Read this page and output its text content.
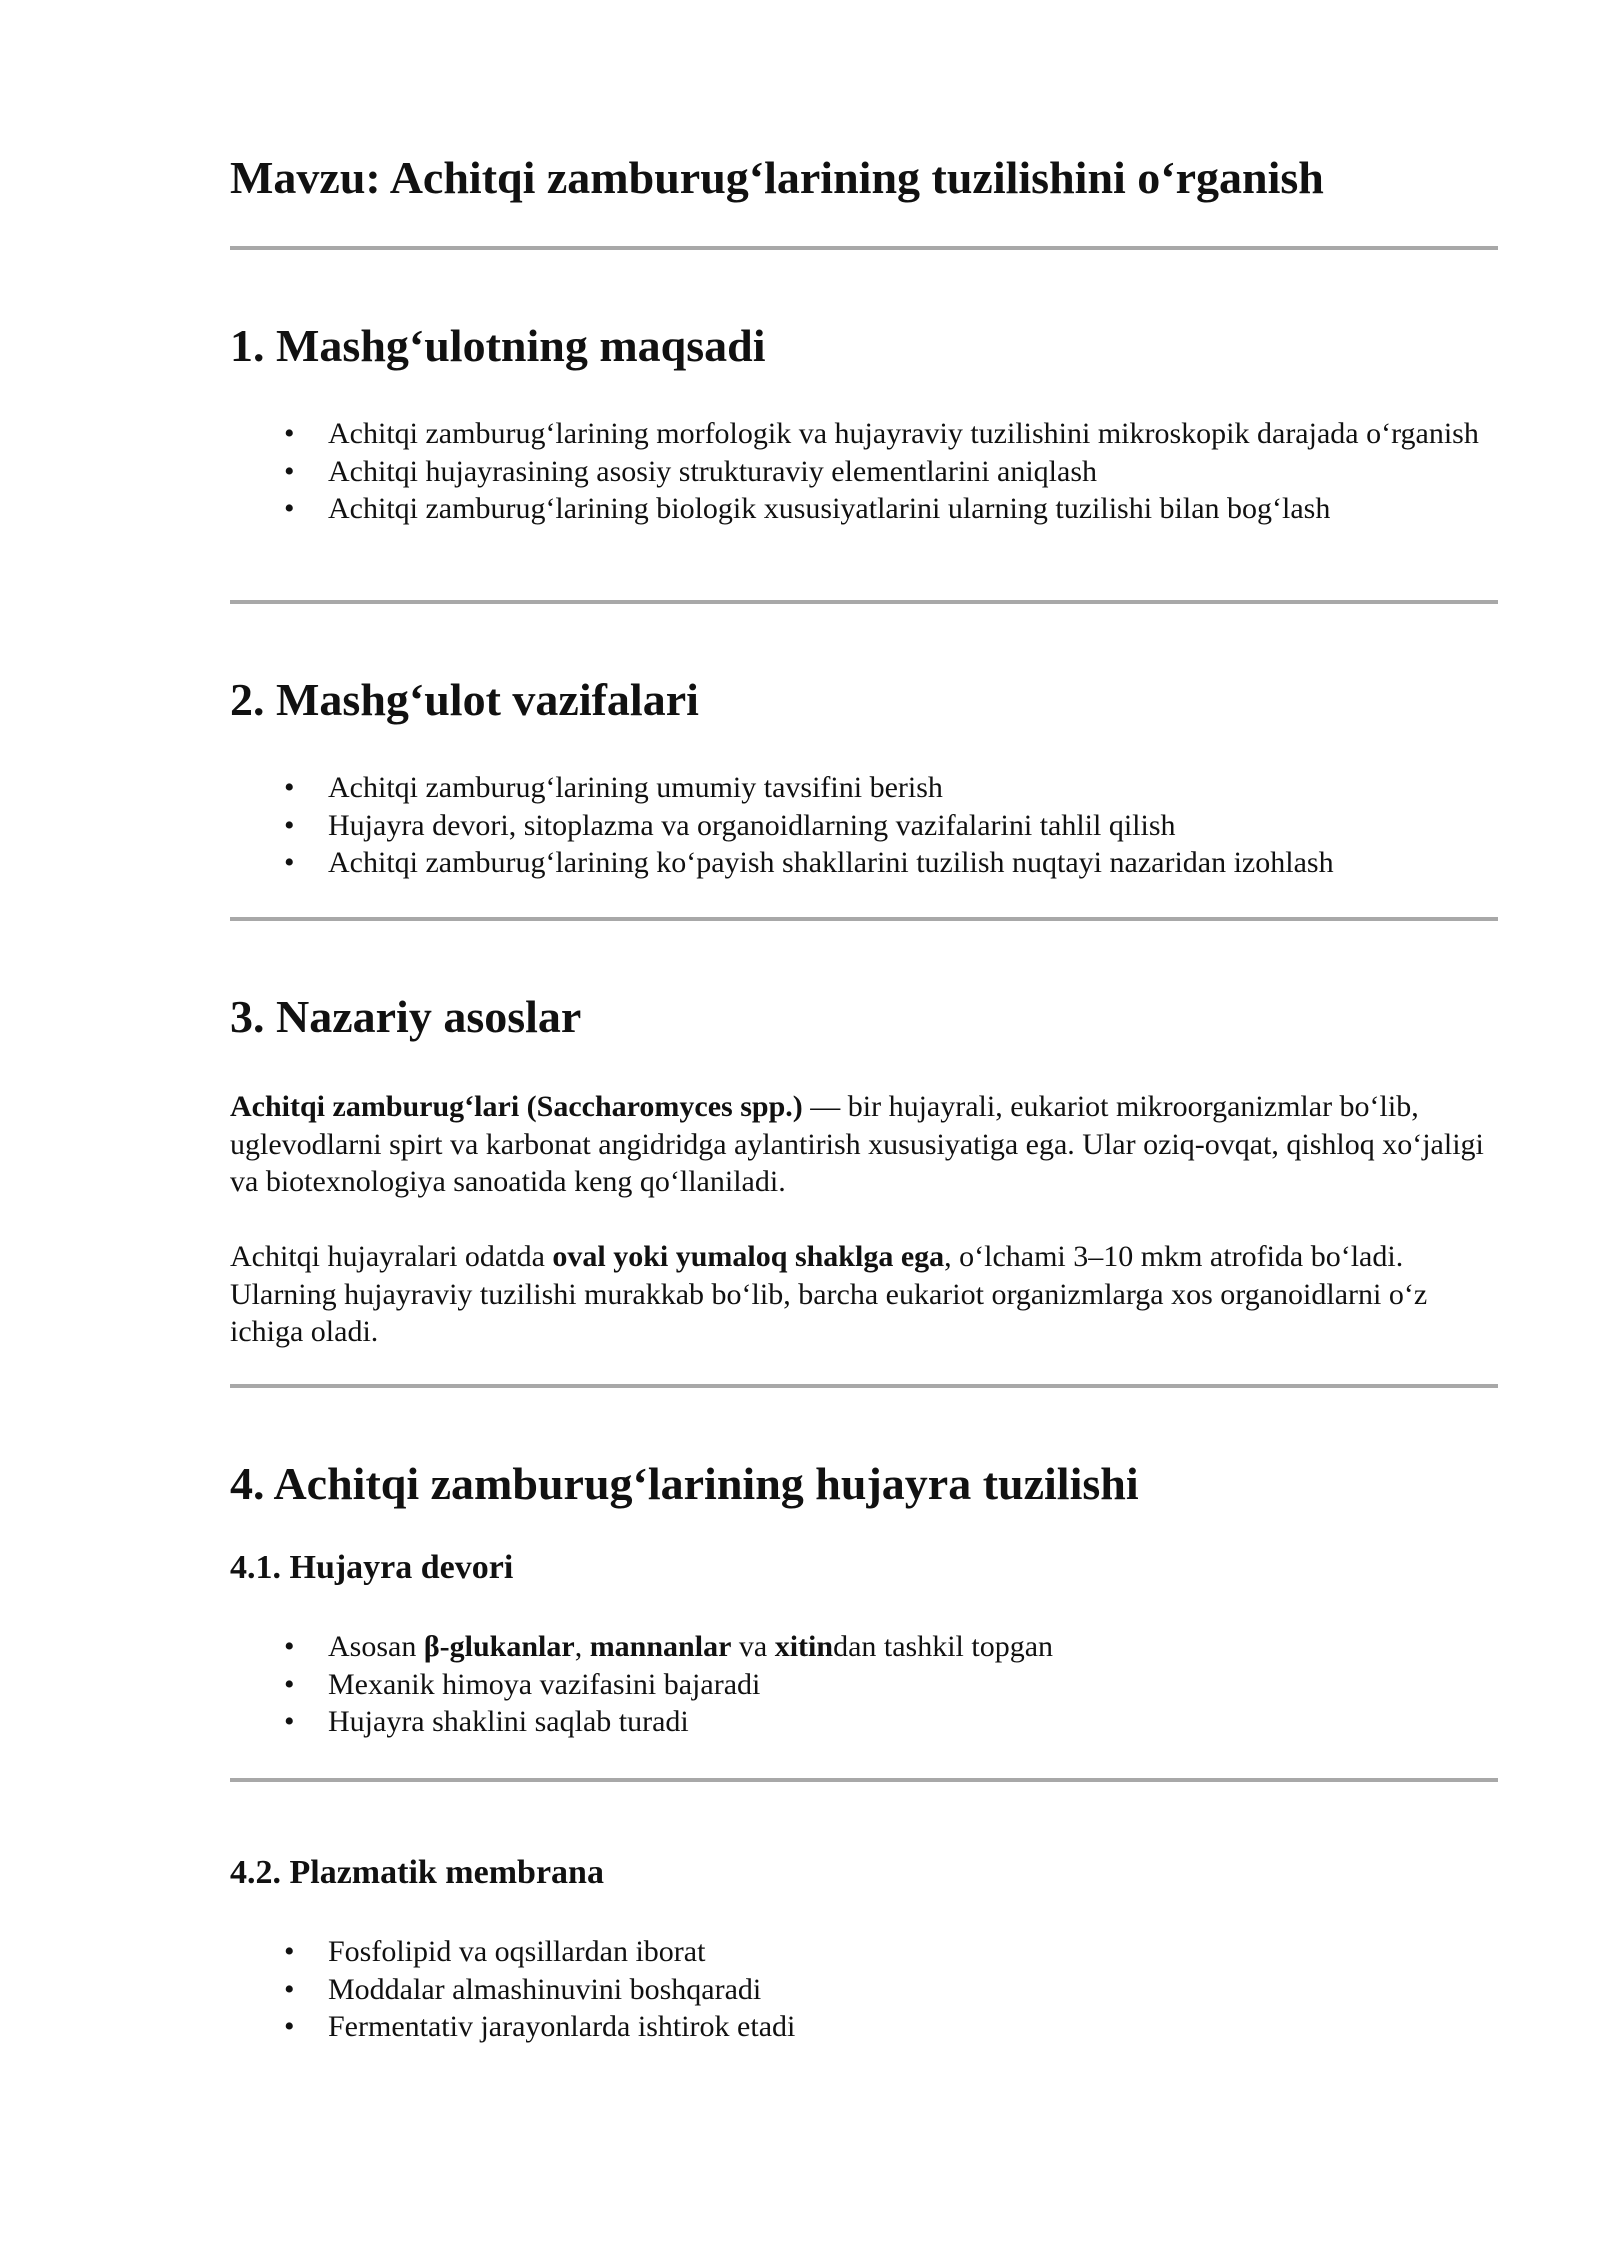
Mavzu: Achitqi zamburug‘larining tuzilishini o‘rganish
1. Mashg‘ulotning maqsadi
• Achitqi zamburug‘larining morfologik va hujayraviy tuzilishini mikroskopik darajada o‘rganish
• Achitqi hujayrasining asosiy strukturaviy elementlarini aniqlash
• Achitqi zamburug‘larining biologik xususiyatlarini ularning tuzilishi bilan bog‘lash
2. Mashg‘ulot vazifalari
• Achitqi zamburug‘larining umumiy tavsifini berish
• Hujayra devori, sitoplazma va organoidlarning vazifalarini tahlil qilish
• Achitqi zamburug‘larining ko‘payish shakllarini tuzilish nuqtayi nazaridan izohlash
3. Nazariy asoslar

Achitqi zamburug‘lari (Saccharomyces spp.) — bir hujayrali, eukariot mikroorganizmlar bo‘lib, uglevodlarni spirt va karbonat angidridga aylantirish xususiyatiga ega. Ular oziq-ovqat, qishloq xo‘jaligi va biotexnologiya sanoatida keng qo‘llaniladi.

Achitqi hujayralari odatda oval yoki yumaloq shaklga ega, o‘lchami 3–10 mkm atrofida bo‘ladi. Ularning hujayraviy tuzilishi murakkab bo‘lib, barcha eukariot organizmlarga xos organoidlarni o‘z ichiga oladi.

4. Achitqi zamburug‘larining hujayra tuzilishi
4.1. Hujayra devori
• Asosan β-glukanlar, mannanlar va xitindan tashkil topgan
• Mexanik himoya vazifasini bajaradi
• Hujayra shaklini saqlab turadi
4.2. Plazmatik membrana
• Fosfolipid va oqsillardan iborat
• Moddalar almashinuvini boshqaradi
• Fermentativ jarayonlarda ishtirok etadi
